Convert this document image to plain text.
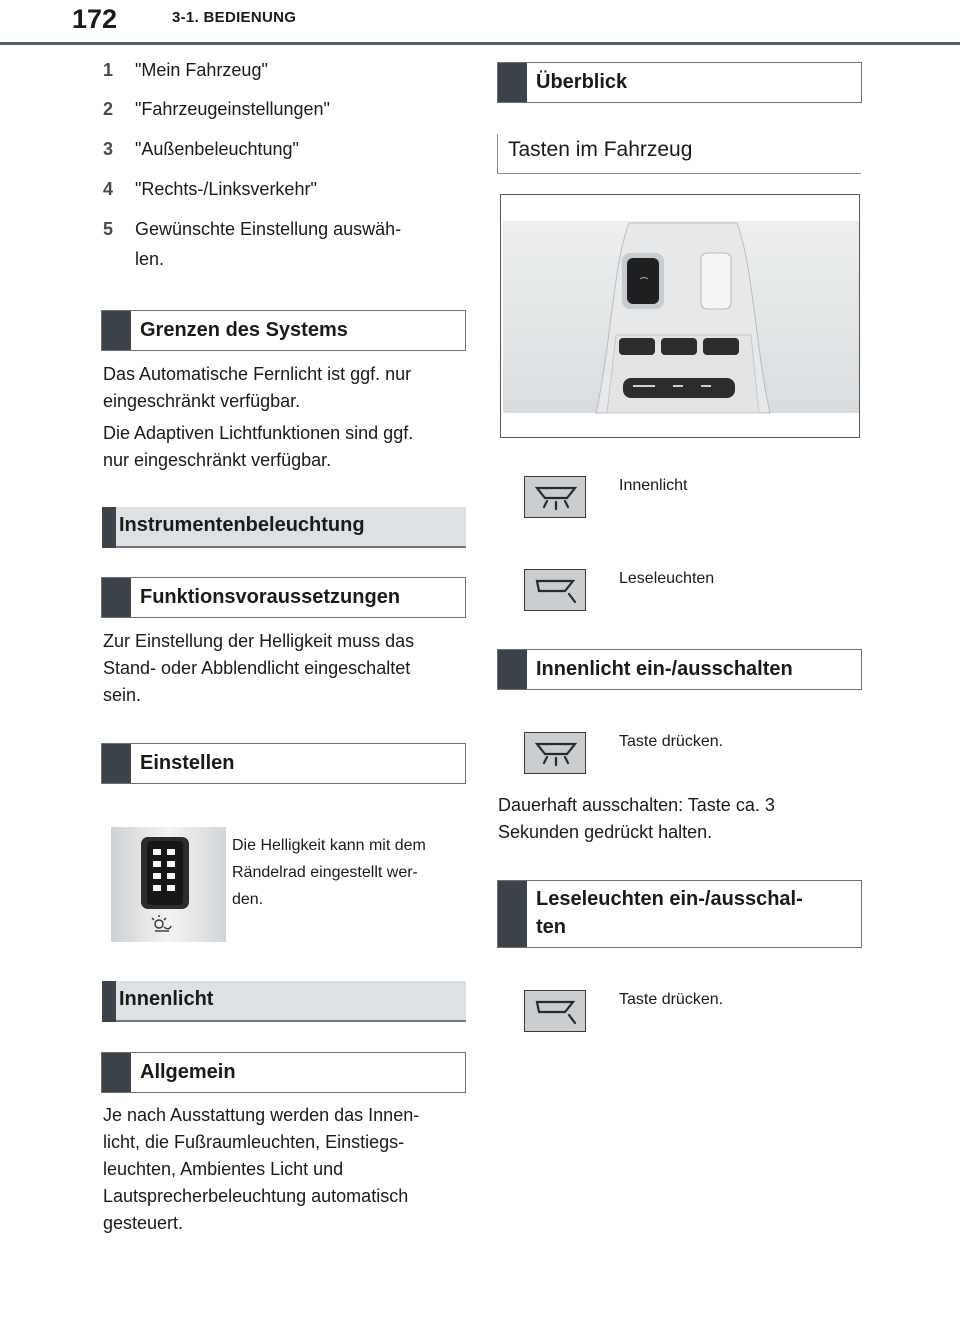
172	3-1. BEDIENUNG
1 "Mein Fahrzeug"
2 "Fahrzeugeinstellungen"
3 "Außenbeleuchtung"
4 "Rechts-/Linksverkehr"
5 Gewünschte Einstellung auswäh-
len.
Grenzen des Systems
Das Automatische Fernlicht ist ggf. nur
eingeschränkt verfügbar.
Die Adaptiven Lichtfunktionen sind ggf.
nur eingeschränkt verfügbar.
Instrumentenbeleuchtung
Funktionsvoraussetzungen
Zur Einstellung der Helligkeit muss das
Stand- oder Abblendlicht eingeschaltet
sein.
Einstellen
Die Helligkeit kann mit dem
Rändelrad eingestellt wer-
den.
Innenlicht
Allgemein
Je nach Ausstattung werden das Innen-
licht, die Fußraumleuchten, Einstiegs-
leuchten, Ambientes Licht und
Lautsprecherbeleuchtung automatisch
gesteuert.
Überblick
Tasten im Fahrzeug
Innenlicht
Leseleuchten
Innenlicht ein-/ausschalten
Taste drücken.
Dauerhaft ausschalten: Taste ca. 3
Sekunden gedrückt halten.
Leseleuchten ein-/ausschal-
ten
Taste drücken.
